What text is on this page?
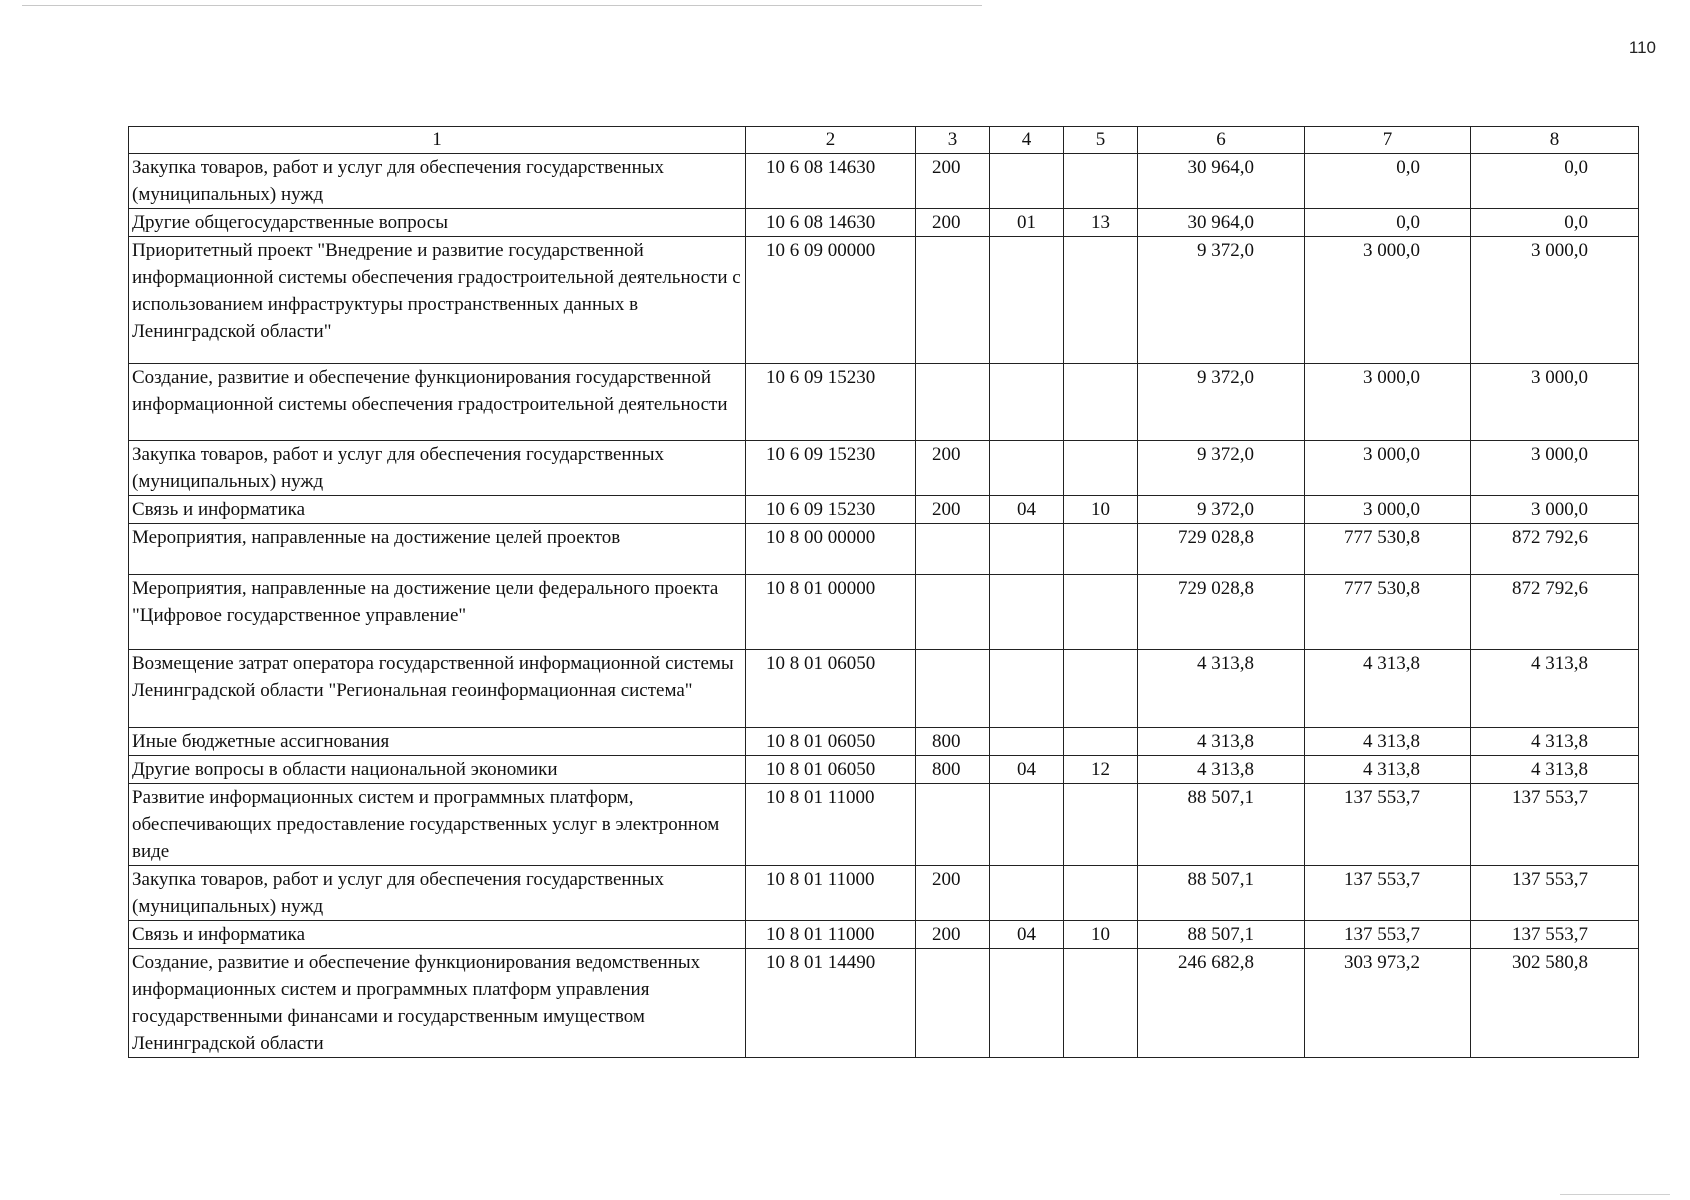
110
1	2	3	4	5	6	7	8
Закупка товаров, работ и услуг для обеспечения государственных (муниципальных) нужд	10 6 08 14630	200			30 964,0	0,0	0,0
Другие общегосударственные вопросы	10 6 08 14630	200	01	13	30 964,0	0,0	0,0
Приоритетный проект "Внедрение и развитие государственной информационной системы обеспечения градостроительной деятельности с использованием инфраструктуры пространственных данных в Ленинградской области"	10 6 09 00000				9 372,0	3 000,0	3 000,0
Создание, развитие и обеспечение функционирования государственной информационной системы обеспечения градостроительной деятельности	10 6 09 15230				9 372,0	3 000,0	3 000,0
Закупка товаров, работ и услуг для обеспечения государственных (муниципальных) нужд	10 6 09 15230	200			9 372,0	3 000,0	3 000,0
Связь и информатика	10 6 09 15230	200	04	10	9 372,0	3 000,0	3 000,0
Мероприятия, направленные на достижение целей проектов	10 8 00 00000				729 028,8	777 530,8	872 792,6
Мероприятия, направленные на достижение цели федерального проекта "Цифровое государственное управление"	10 8 01 00000				729 028,8	777 530,8	872 792,6
Возмещение затрат оператора государственной информационной системы Ленинградской области "Региональная геоинформационная система"	10 8 01 06050				4 313,8	4 313,8	4 313,8
Иные бюджетные ассигнования	10 8 01 06050	800			4 313,8	4 313,8	4 313,8
Другие вопросы в области национальной экономики	10 8 01 06050	800	04	12	4 313,8	4 313,8	4 313,8
Развитие информационных систем и программных платформ, обеспечивающих предоставление государственных услуг в электронном виде	10 8 01 11000				88 507,1	137 553,7	137 553,7
Закупка товаров, работ и услуг для обеспечения государственных (муниципальных) нужд	10 8 01 11000	200			88 507,1	137 553,7	137 553,7
Связь и информатика	10 8 01 11000	200	04	10	88 507,1	137 553,7	137 553,7
Создание, развитие и обеспечение функционирования ведомственных информационных систем и программных платформ управления государственными финансами и государственным имуществом Ленинградской области	10 8 01 14490				246 682,8	303 973,2	302 580,8
